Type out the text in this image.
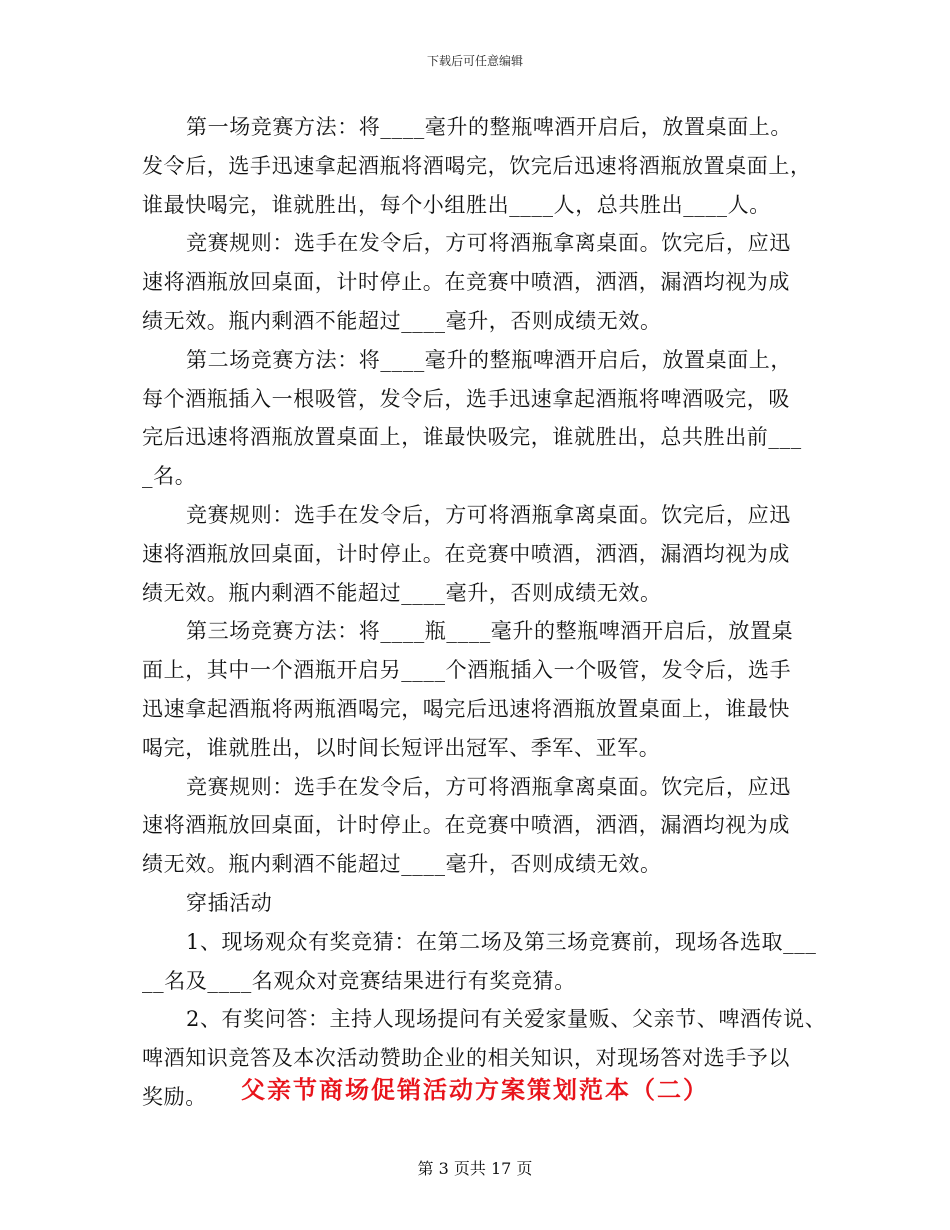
下载后可任意编辑
第一场竞赛方法：将____毫升的整瓶啤酒开启后，放置桌面上。
发令后，选手迅速拿起酒瓶将酒喝完，饮完后迅速将酒瓶放置桌面上，
谁最快喝完，谁就胜出，每个小组胜出____人，总共胜出____人。
竞赛规则：选手在发令后，方可将酒瓶拿离桌面。饮完后，应迅
速将酒瓶放回桌面，计时停止。在竞赛中喷酒，洒酒，漏酒均视为成
绩无效。瓶内剩酒不能超过____毫升，否则成绩无效。
第二场竞赛方法：将____毫升的整瓶啤酒开启后，放置桌面上，
每个酒瓶插入一根吸管，发令后，选手迅速拿起酒瓶将啤酒吸完，吸
完后迅速将酒瓶放置桌面上，谁最快吸完，谁就胜出，总共胜出前___
_名。
竞赛规则：选手在发令后，方可将酒瓶拿离桌面。饮完后，应迅
速将酒瓶放回桌面，计时停止。在竞赛中喷酒，洒酒，漏酒均视为成
绩无效。瓶内剩酒不能超过____毫升，否则成绩无效。
第三场竞赛方法：将____瓶____毫升的整瓶啤酒开启后，放置桌
面上，其中一个酒瓶开启另____个酒瓶插入一个吸管，发令后，选手
迅速拿起酒瓶将两瓶酒喝完，喝完后迅速将酒瓶放置桌面上，谁最快
喝完，谁就胜出，以时间长短评出冠军、季军、亚军。
竞赛规则：选手在发令后，方可将酒瓶拿离桌面。饮完后，应迅
速将酒瓶放回桌面，计时停止。在竞赛中喷酒，洒酒，漏酒均视为成
绩无效。瓶内剩酒不能超过____毫升，否则成绩无效。
穿插活动
1、现场观众有奖竞猜：在第二场及第三场竞赛前，现场各选取___
__名及____名观众对竞赛结果进行有奖竞猜。
2、有奖问答：主持人现场提问有关爱家量贩、父亲节、啤酒传说、
啤酒知识竞答及本次活动赞助企业的相关知识，对现场答对选手予以
奖励。	父亲节商场促销活动方案策划范本（二）
第 3 页共 17 页
